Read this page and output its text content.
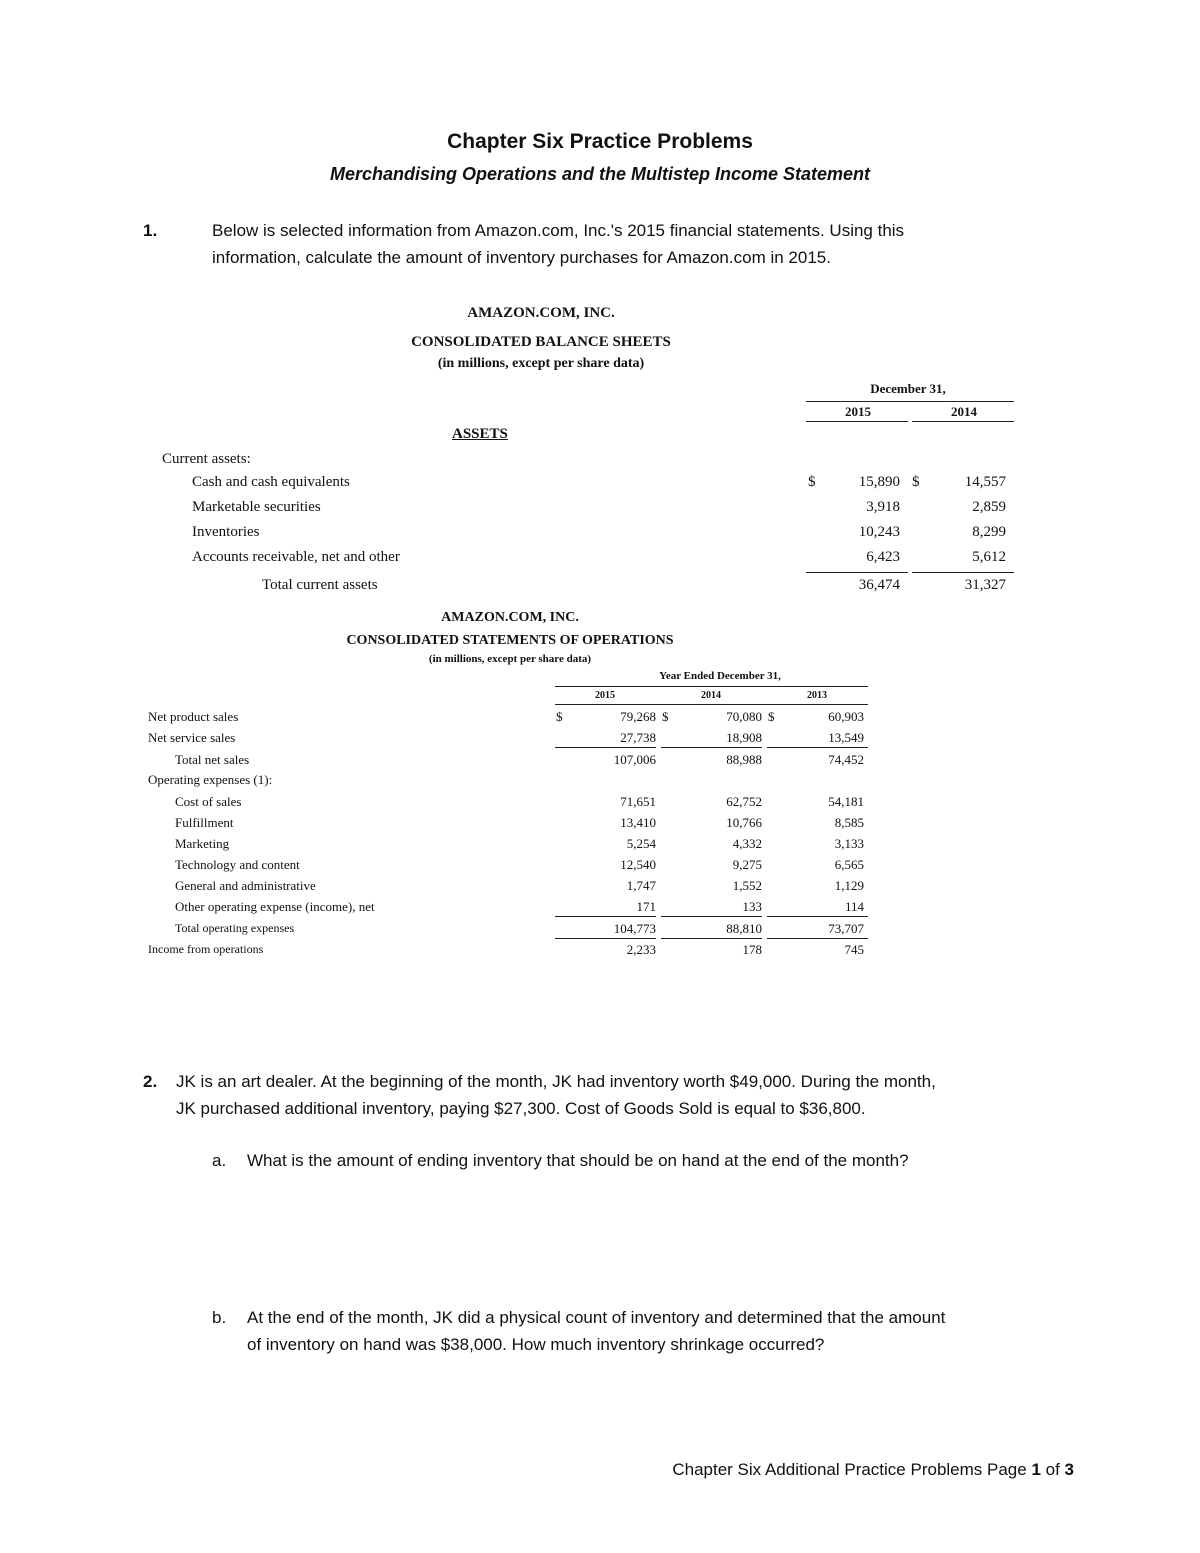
Chapter Six Practice Problems
Merchandising Operations and the Multistep Income Statement
1.	Below is selected information from Amazon.com, Inc.'s 2015 financial statements. Using this
information, calculate the amount of inventory purchases for Amazon.com in 2015.
AMAZON.COM, INC.
CONSOLIDATED BALANCE SHEETS
(in millions, except per share data)
December 31,
2015	2014
ASSETS
Current assets:
Cash and cash equivalents	$	15,890 $	14,557
Marketable securities	3,918	2,859
Inventories	10,243	8,299
Accounts receivable, net and other	6,423	5,612
Total current assets	36,474	31,327
AMAZON.COM, INC.
CONSOLIDATED STATEMENTS OF OPERATIONS
(in millions, except per share data)
Year Ended December 31,
2015	2014	2013
Net product sales	$	79,268 $	70,080 $	60,903
Net service sales	27,738	18,908	13,549
Total net sales	107,006	88,988	74,452
Operating expenses (1):
Cost of sales	71,651	62,752	54,181
Fulfillment	13,410	10,766	8,585
Marketing	5,254	4,332	3,133
Technology and content	12,540	9,275	6,565
General and administrative	1,747	1,552	1,129
Other operating expense (income), net	171	133	114
Total operating expenses	104,773	88,810	73,707
Income from operations	2,233	178	745
2. JK is an art dealer. At the beginning of the month, JK had inventory worth $49,000. During the month,
JK purchased additional inventory, paying $27,300. Cost of Goods Sold is equal to $36,800.
a. What is the amount of ending inventory that should be on hand at the end of the month?
b. At the end of the month, JK did a physical count of inventory and determined that the amount
of inventory on hand was $38,000. How much inventory shrinkage occurred?
Chapter Six Additional Practice Problems Page 1 of 3
